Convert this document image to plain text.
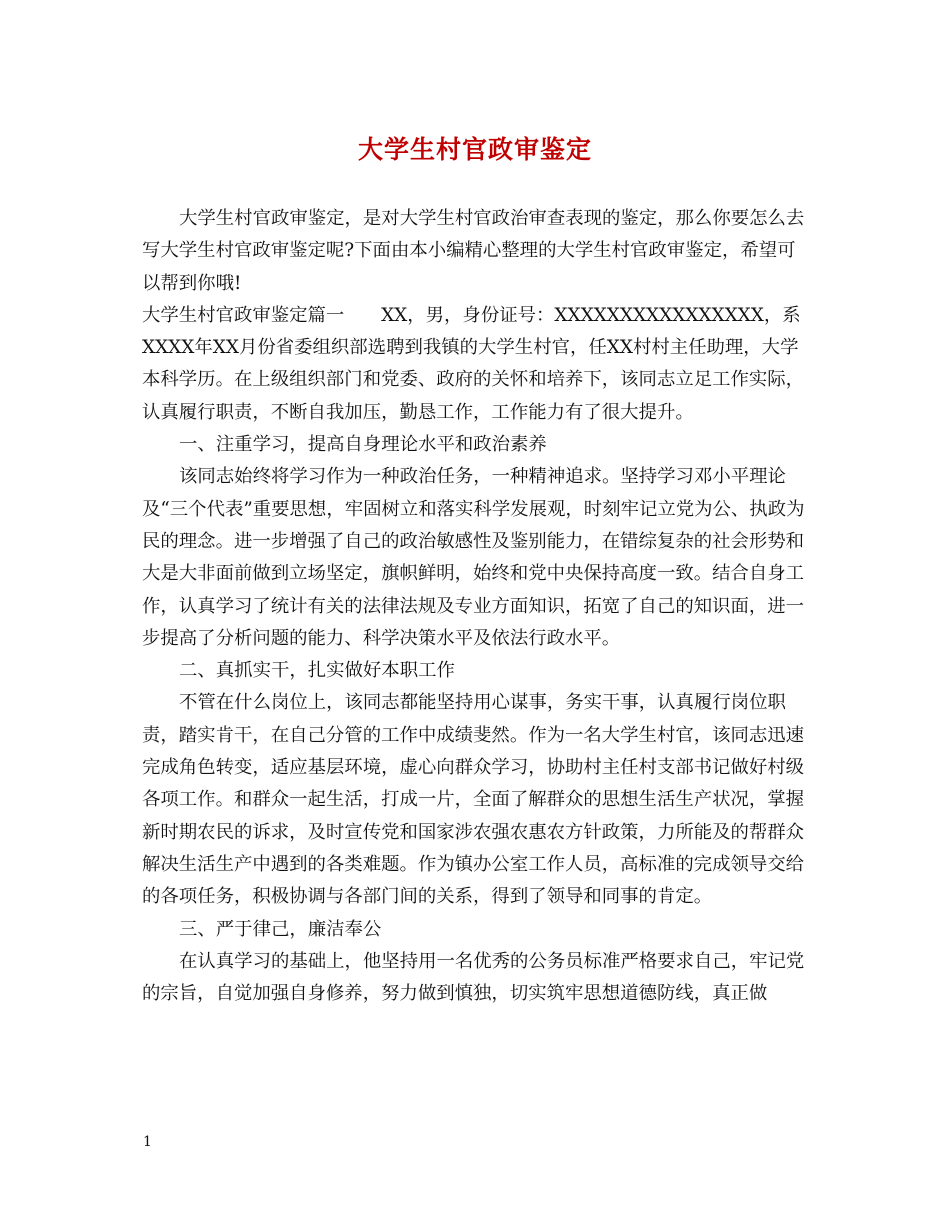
大学生村官政审鉴定

大学生村官政审鉴定，是对大学生村官政治审查表现的鉴定，那么你要怎么去写大学生村官政审鉴定呢?下面由本小编精心整理的大学生村官政审鉴定，希望可以帮到你哦!

大学生村官政审鉴定篇一　　XX，男，身份证号：XXXXXXXXXXXXXXXX，系XXXX年XX月份省委组织部选聘到我镇的大学生村官，任XX村村主任助理，大学本科学历。在上级组织部门和党委、政府的关怀和培养下，该同志立足工作实际，认真履行职责，不断自我加压，勤恳工作，工作能力有了很大提升。

一、注重学习，提高自身理论水平和政治素养

该同志始终将学习作为一种政治任务，一种精神追求。坚持学习邓小平理论及“三个代表”重要思想，牢固树立和落实科学发展观，时刻牢记立党为公、执政为民的理念。进一步增强了自己的政治敏感性及鉴别能力，在错综复杂的社会形势和大是大非面前做到立场坚定，旗帜鲜明，始终和党中央保持高度一致。结合自身工作，认真学习了统计有关的法律法规及专业方面知识，拓宽了自己的知识面，进一步提高了分析问题的能力、科学决策水平及依法行政水平。

二、真抓实干，扎实做好本职工作

不管在什么岗位上，该同志都能坚持用心谋事，务实干事，认真履行岗位职责，踏实肯干，在自己分管的工作中成绩斐然。作为一名大学生村官，该同志迅速完成角色转变，适应基层环境，虚心向群众学习，协助村主任村支部书记做好村级各项工作。和群众一起生活，打成一片，全面了解群众的思想生活生产状况，掌握新时期农民的诉求，及时宣传党和国家涉农强农惠农方针政策，力所能及的帮群众解决生活生产中遇到的各类难题。作为镇办公室工作人员，高标准的完成领导交给的各项任务，积极协调与各部门间的关系，得到了领导和同事的肯定。

三、严于律己，廉洁奉公

在认真学习的基础上，他坚持用一名优秀的公务员标准严格要求自己，牢记党的宗旨，自觉加强自身修养，努力做到慎独，切实筑牢思想道德防线，真正做

1
